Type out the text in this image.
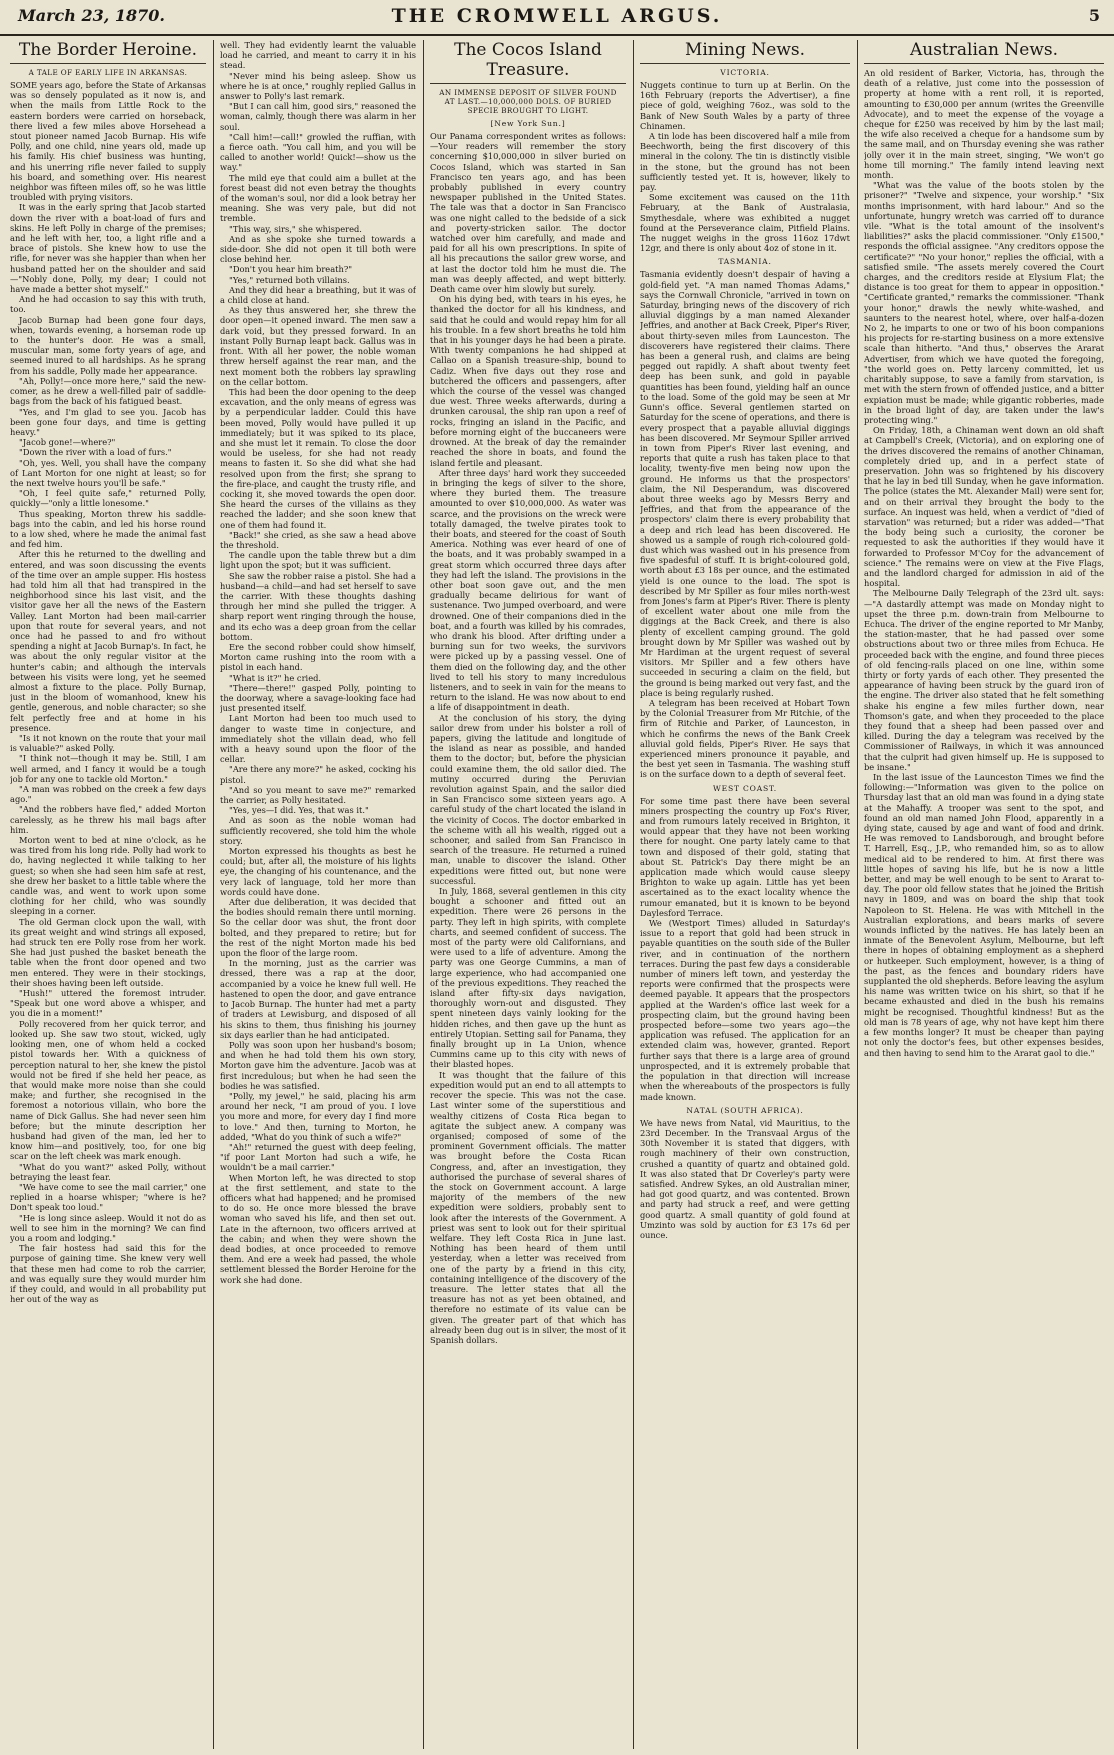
March 23, 1870.	THE CROMWELL ARGUS.	5
The Border Heroine.
A TALE OF EARLY LIFE IN ARKANSAS.

SOME years ago, before the State of Arkansas was so densely populated as it now is, and when the mails from Little Rock to the eastern borders were carried on horseback, there lived a few miles above Horsehead a stout pioneer named Jacob Burnap. His wife Polly, and one child, nine years old, made up his family. His chief business was hunting, and his unerring rifle never failed to supply his board, and something over. His nearest neighbor was fifteen miles off, so he was little troubled with prying visitors.

It was in the early spring that Jacob started down the river with a boat-load of furs and skins. He left Polly in charge of the premises; and he left with her, too, a light rifle and a brace of pistols. She knew how to use the rifle, for never was she happier than when her husband patted her on the shoulder and said—"Nobly done, Polly, my dear; I could not have made a better shot myself."

And he had occasion to say this with truth, too.

Jacob Burnap had been gone four days, when, towards evening, a horseman rode up to the hunter's door. He was a small, muscular man, some forty years of age, and seemed inured to all hardships. As he sprang from his saddle, Polly made her appearance.

"Ah, Polly!—once more here," said the new-comer, as he drew a well-filled pair of saddle-bags from the back of his fatigued beast.

"Yes, and I'm glad to see you. Jacob has been gone four days, and time is getting heavy."

"Jacob gone!—where?"

"Down the river with a load of furs."

"Oh, yes. Well, you shall have the company of Lant Morton for one night at least; so for the next twelve hours you'll be safe."

"Oh, I feel quite safe," returned Polly, quickly—"only a little lonesome."

Thus speaking, Morton threw his saddle-bags into the cabin, and led his horse round to a low shed, where he made the animal fast and fed him.

After this he returned to the dwelling and entered, and was soon discussing the events of the time over an ample supper. His hostess had told him all that had transpired in the neighborhood since his last visit, and the visitor gave her all the news of the Eastern Valley. Lant Morton had been mail-carrier upon that route for several years, and not once had he passed to and fro without spending a night at Jacob Burnap's. In fact, he was about the only regular visitor at the hunter's cabin; and although the intervals between his visits were long, yet he seemed almost a fixture to the place. Polly Burnap, just in the bloom of womanhood, knew his gentle, generous, and noble character; so she felt perfectly free and at home in his presence.

"Is it not known on the route that your mail is valuable?" asked Polly.

"I think not—though it may be. Still, I am well armed, and I fancy it would be a tough job for any one to tackle old Morton."

"A man was robbed on the creek a few days ago."

"And the robbers have fled," added Morton carelessly, as he threw his mail bags after him.

Morton went to bed at nine o'clock, as he was tired from his long ride. Polly had work to do, having neglected it while talking to her guest; so when she had seen him safe at rest, she drew her basket to a little table where the candle was, and went to work upon some clothing for her child, who was soundly sleeping in a corner.

The old German clock upon the wall, with its great weight and wind strings all exposed, had struck ten ere Polly rose from her work. She had just pushed the basket beneath the table when the front door opened and two men entered. They were in their stockings, their shoes having been left outside.

"Hush!" uttered the foremost intruder. "Speak but one word above a whisper, and you die in a moment!"

Polly recovered from her quick terror, and looked up. She saw two stout, wicked, ugly looking men, one of whom held a cocked pistol towards her. With a quickness of perception natural to her, she knew the pistol would not be fired if she held her peace, as that would make more noise than she could make; and further, she recognised in the foremost a notorious villain, who bore the name of Dick Gallus. She had never seen him before; but the minute description her husband had given of the man, led her to know him—and positively, too, for one big scar on the left cheek was mark enough.

"What do you want?" asked Polly, without betraying the least fear.

"We have come to see the mail carrier," one replied in a hoarse whisper; "where is he? Don't speak too loud."

"He is long since asleep. Would it not do as well to see him in the morning? We can find you a room and lodging."

The fair hostess had said this for the purpose of gaining time. She knew very well that these men had come to rob the carrier, and was equally sure they would murder him if they could, and would in all probability put her out of the way as

well. They had evidently learnt the valuable load he carried, and meant to carry it in his stead.

"Never mind his being asleep. Show us where he is at once," roughly replied Gallus in answer to Polly's last remark.

"But I can call him, good sirs," reasoned the woman, calmly, though there was alarm in her soul.

"Call him!—call!" growled the ruffian, with a fierce oath. "You call him, and you will be called to another world! Quick!—show us the way."

The mild eye that could aim a bullet at the forest beast did not even betray the thoughts of the woman's soul, nor did a look betray her meaning. She was very pale, but did not tremble.

"This way, sirs," she whispered.

And as she spoke she turned towards a side-door. She did not open it till both were close behind her.

"Don't you hear him breath?"

"Yes," returned both villains.

And they did hear a breathing, but it was of a child close at hand.

As they thus answered her, she threw the door open—it opened inward. The men saw a dark void, but they pressed forward. In an instant Polly Burnap leapt back. Gallus was in front. With all her power, the noble woman threw herself against the rear man, and the next moment both the robbers lay sprawling on the cellar bottom.

This had been the door opening to the deep excavation, and the only means of egress was by a perpendicular ladder. Could this have been moved, Polly would have pulled it up immediately; but it was spiked to its place, and she must let it remain. To close the door would be useless, for she had not ready means to fasten it. So she did what she had resolved upon from the first; she sprang to the fire-place, and caught the trusty rifle, and cocking it, she moved towards the open door. She heard the curses of the villains as they reached the ladder; and she soon knew that one of them had found it.

"Back!" she cried, as she saw a head above the threshold.

The candle upon the table threw but a dim light upon the spot; but it was sufficient.

She saw the robber raise a pistol. She had a husband—a child—and had set herself to save the carrier. With these thoughts dashing through her mind she pulled the trigger. A sharp report went ringing through the house, and its echo was a deep groan from the cellar bottom.

Ere the second robber could show himself, Morton came rushing into the room with a pistol in each hand.

"What is it?" he cried.

"There—there!" gasped Polly, pointing to the doorway, where a savage-looking face had just presented itself.

Lant Morton had been too much used to danger to waste time in conjecture, and immediately shot the villain dead, who fell with a heavy sound upon the floor of the cellar.

"Are there any more?" he asked, cocking his pistol.

"And so you meant to save me?" remarked the carrier, as Polly hesitated.

"Yes, yes—I did. Yes, that was it."

And as soon as the noble woman had sufficiently recovered, she told him the whole story.

Morton expressed his thoughts as best he could; but, after all, the moisture of his lights eye, the changing of his countenance, and the very lack of language, told her more than words could have done.

After due deliberation, it was decided that the bodies should remain there until morning. So the cellar door was shut, the front door bolted, and they prepared to retire; but for the rest of the night Morton made his bed upon the floor of the large room.

In the morning, just as the carrier was dressed, there was a rap at the door, accompanied by a voice he knew full well. He hastened to open the door, and gave entrance to Jacob Burnap. The hunter had met a party of traders at Lewisburg, and disposed of all his skins to them, thus finishing his journey six days earlier than he had anticipated.

Polly was soon upon her husband's bosom; and when he had told them his own story, Morton gave him the adventure. Jacob was at first incredulous; but when he had seen the bodies he was satisfied.

"Polly, my jewel," he said, placing his arm around her neck, "I am proud of you. I love you more and more, for every day I find more to love." And then, turning to Morton, he added, "What do you think of such a wife?"

"Ah!" returned the guest with deep feeling, "if poor Lant Morton had such a wife, he wouldn't be a mail carrier."

When Morton left, he was directed to stop at the first settlement, and state to the officers what had happened; and he promised to do so. He once more blessed the brave woman who saved his life, and then set out. Late in the afternoon, two officers arrived at the cabin; and when they were shown the dead bodies, at once proceeded to remove them. And ere a week had passed, the whole settlement blessed the Border Heroine for the work she had done.

The Cocos Island Treasure.
AN IMMENSE DEPOSIT OF SILVER FOUND AT LAST.—10,000,000 DOLS. OF BURIED SPECIE BROUGHT TO LIGHT.
[New York Sun.]

Our Panama correspondent writes as follows:—Your readers will remember the story concerning $10,000,000 in silver buried on Cocos Island, which was started in San Francisco ten years ago, and has been probably published in every country newspaper published in the United States. The tale was that a doctor in San Francisco was one night called to the bedside of a sick and poverty-stricken sailor. The doctor watched over him carefully, and made and paid for all his own prescriptions. In spite of all his precautions the sailor grew worse, and at last the doctor told him he must die. The man was deeply affected, and wept bitterly. Death came over him slowly but surely.

On his dying bed, with tears in his eyes, he thanked the doctor for all his kindness, and said that he could and would repay him for all his trouble. In a few short breaths he told him that in his younger days he had been a pirate. With twenty companions he had shipped at Callao on a Spanish treasure-ship, bound to Cadiz. When five days out they rose and butchered the officers and passengers, after which the course of the vessel was changed due west. Three weeks afterwards, during a drunken carousal, the ship ran upon a reef of rocks, fringing an island in the Pacific, and before morning eight of the buccaneers were drowned. At the break of day the remainder reached the shore in boats, and found the island fertile and pleasant.

After three days' hard work they succeeded in bringing the kegs of silver to the shore, where they buried them. The treasure amounted to over $10,000,000. As water was scarce, and the provisions on the wreck were totally damaged, the twelve pirates took to their boats, and steered for the coast of South America. Nothing was ever heard of one of the boats, and it was probably swamped in a great storm which occurred three days after they had left the island. The provisions in the other boat soon gave out, and the men gradually became delirious for want of sustenance. Two jumped overboard, and were drowned. One of their companions died in the boat, and a fourth was killed by his comrades, who drank his blood. After drifting under a burning sun for two weeks, the survivors were picked up by a passing vessel. One of them died on the following day, and the other lived to tell his story to many incredulous listeners, and to seek in vain for the means to return to the island. He was now about to end a life of disappointment in death.

At the conclusion of his story, the dying sailor drew from under his bolster a roll of papers, giving the latitude and longitude of the island as near as possible, and handed them to the doctor; but, before the physician could examine them, the old sailor died. The mutiny occurred during the Peruvian revolution against Spain, and the sailor died in San Francisco some sixteen years ago. A careful study of the chart located the island in the vicinity of Cocos. The doctor embarked in the scheme with all his wealth, rigged out a schooner, and sailed from San Francisco in search of the treasure. He returned a ruined man, unable to discover the island. Other expeditions were fitted out, but none were successful.

In July, 1868, several gentlemen in this city bought a schooner and fitted out an expedition. There were 26 persons in the party. They left in high spirits, with complete charts, and seemed confident of success. The most of the party were old Californians, and were used to a life of adventure. Among the party was one George Cummins, a man of large experience, who had accompanied one of the previous expeditions. They reached the island after fifty-six days navigation, thoroughly worn-out and disgusted. They spent nineteen days vainly looking for the hidden riches, and then gave up the hunt as entirely Utopian. Setting sail for Panama, they finally brought up in La Union, whence Cummins came up to this city with news of their blasted hopes.

It was thought that the failure of this expedition would put an end to all attempts to recover the specie. This was not the case. Last winter some of the superstitious and wealthy citizens of Costa Rica began to agitate the subject anew. A company was organised; composed of some of the prominent Government officials. The matter was brought before the Costa Rican Congress, and, after an investigation, they authorised the purchase of several shares of the stock on Government account. A large majority of the members of the new expedition were soldiers, probably sent to look after the interests of the Government. A priest was sent to look out for their spiritual welfare. They left Costa Rica in June last. Nothing has been heard of them until yesterday, when a letter was received from one of the party by a friend in this city, containing intelligence of the discovery of the treasure. The letter states that all the treasure has not as yet been obtained, and therefore no estimate of its value can be given. The greater part of that which has already been dug out is in silver, the most of it Spanish dollars.

Mining News.
VICTORIA.

Nuggets continue to turn up at Berlin. On the 16th February (reports the Advertiser), a fine piece of gold, weighing 76oz., was sold to the Bank of New South Wales by a party of three Chinamen.

A tin lode has been discovered half a mile from Beechworth, being the first discovery of this mineral in the colony. The tin is distinctly visible in the stone, but the ground has not been sufficiently tested yet. It is, however, likely to pay.

Some excitement was caused on the 11th February, at the Bank of Australasia, Smythesdale, where was exhibited a nugget found at the Perseverance claim, Pitfield Plains. The nugget weighs in the gross 116oz 17dwt 12gr, and there is only about 4oz of stone in it.

TASMANIA.

Tasmania evidently doesn't despair of having a gold-field yet. "A man named Thomas Adams," says the Cornwall Chronicle, "arrived in town on Saturday, bringing news of the discovery of rich alluvial diggings by a man named Alexander Jeffries, and another at Back Creek, Piper's River, about thirty-seven miles from Launceston. The discoverers have registered their claims. There has been a general rush, and claims are being pegged out rapidly. A shaft about twenty feet deep has been sunk, and gold in payable quantities has been found, yielding half an ounce to the load. Some of the gold may be seen at Mr Gunn's office. Several gentlemen started on Saturday for the scene of operations, and there is every prospect that a payable alluvial diggings has been discovered. Mr Seymour Spiller arrived in town from Piper's River last evening, and reports that quite a rush has taken place to that locality, twenty-five men being now upon the ground. He informs us that the prospectors' claim, the Nil Desperandum, was discovered about three weeks ago by Messrs Berry and Jeffries, and that from the appearance of the prospectors' claim there is every probability that a deep and rich lead has been discovered. He showed us a sample of rough rich-coloured gold-dust which was washed out in his presence from five spadesful of stuff. It is bright-coloured gold, worth about £3 18s per ounce, and the estimated yield is one ounce to the load. The spot is described by Mr Spiller as four miles north-west from Jones's farm at Piper's River. There is plenty of excellent water about one mile from the diggings at the Back Creek, and there is also plenty of excellent camping ground. The gold brought down by Mr Spiller was washed out by Mr Hardiman at the urgent request of several visitors. Mr Spiller and a few others have succeeded in securing a claim on the field, but the ground is being marked out very fast, and the place is being regularly rushed.

A telegram has been received at Hobart Town by the Colonial Treasurer from Mr Ritchie, of the firm of Ritchie and Parker, of Launceston, in which he confirms the news of the Bank Creek alluvial gold fields, Piper's River. He says that experienced miners pronounce it payable, and the best yet seen in Tasmania. The washing stuff is on the surface down to a depth of several feet.

WEST COAST.

For some time past there have been several miners prospecting the country up Fox's River, and from rumours lately received in Brighton, it would appear that they have not been working there for nought. One party lately came to that town and disposed of their gold, stating that about St. Patrick's Day there might be an application made which would cause sleepy Brighton to wake up again. Little has yet been ascertained as to the exact locality whence the rumour emanated, but it is known to be beyond Daylesford Terrace.

We (Westport Times) alluded in Saturday's issue to a report that gold had been struck in payable quantities on the south side of the Buller river, and in continuation of the northern terraces. During the past few days a considerable number of miners left town, and yesterday the reports were confirmed that the prospects were deemed payable. It appears that the prospectors applied at the Warden's office last week for a prospecting claim, but the ground having been prospected before—some two years ago—the application was refused. The application for an extended claim was, however, granted. Report further says that there is a large area of ground unprospected, and it is extremely probable that the population in that direction will increase when the whereabouts of the prospectors is fully made known.

NATAL (SOUTH AFRICA).

We have news from Natal, vid Mauritius, to the 23rd December. In the Transvaal Argus of the 30th November it is stated that diggers, with rough machinery of their own construction, crushed a quantity of quartz and obtained gold. It was also stated that Dr Coverley's party were satisfied. Andrew Sykes, an old Australian miner, had got good quartz, and was contented. Brown and party had struck a reef, and were getting good quartz. A small quantity of gold found at Umzinto was sold by auction for £3 17s 6d per ounce.

Australian News.

An old resident of Barker, Victoria, has, through the death of a relative, just come into the possession of property at home with a rent roll, it is reported, amounting to £30,000 per annum (writes the Greenville Advocate), and to meet the expense of the voyage a cheque for £250 was received by him by the last mail; the wife also received a cheque for a handsome sum by the same mail, and on Thursday evening she was rather jolly over it in the main street, singing, "We won't go home till morning." The family intend leaving next month.

"What was the value of the boots stolen by the prisoner?" "Twelve and sixpence, your worship." "Six months imprisonment, with hard labour." And so the unfortunate, hungry wretch was carried off to durance vile. "What is the total amount of the insolvent's liabilities?" asks the placid commissioner. "Only £1500," responds the official assignee. "Any creditors oppose the certificate?" "No your honor," replies the official, with a satisfied smile. "The assets merely covered the Court charges, and the creditors reside at Elysium Flat; the distance is too great for them to appear in opposition." "Certificate granted," remarks the commissioner. "Thank your honor," drawls the newly white-washed, and saunters to the nearest hotel, where, over half-a-dozen No 2, he imparts to one or two of his boon companions his projects for re-starting business on a more extensive scale than hitherto. "And thus," observes the Ararat Advertiser, from which we have quoted the foregoing, "the world goes on. Petty larceny committed, let us charitably suppose, to save a family from starvation, is met with the stern frown of offended justice, and a bitter expiation must be made; while gigantic robberies, made in the broad light of day, are taken under the law's protecting wing."

On Friday, 18th, a Chinaman went down an old shaft at Campbell's Creek, (Victoria), and on exploring one of the drives discovered the remains of another Chinaman, completely dried up, and in a perfect state of preservation. John was so frightened by his discovery that he lay in bed till Sunday, when he gave information. The police (states the Mt. Alexander Mail) were sent for, and on their arrival they brought the body to the surface. An inquest was held, when a verdict of "died of starvation" was returned; but a rider was added—"That the body being such a curiosity, the coroner be requested to ask the authorities if they would have it forwarded to Professor M'Coy for the advancement of science." The remains were on view at the Five Flags, and the landlord charged for admission in aid of the hospital.

The Melbourne Daily Telegraph of the 23rd ult. says:—"A dastardly attempt was made on Monday night to upset the three p.m. down-train from Melbourne to Echuca. The driver of the engine reported to Mr Manby, the station-master, that he had passed over some obstructions about two or three miles from Echuca. He proceeded back with the engine, and found three pieces of old fencing-rails placed on one line, within some thirty or forty yards of each other. They presented the appearance of having been struck by the guard iron of the engine. The driver also stated that he felt something shake his engine a few miles further down, near Thomson's gate, and when they proceeded to the place they found that a sheep had been passed over and killed. During the day a telegram was received by the Commissioner of Railways, in which it was announced that the culprit had given himself up. He is supposed to be insane."

In the last issue of the Launceston Times we find the following:—"Information was given to the police on Thursday last that an old man was found in a dying state at the Mahaffy. A trooper was sent to the spot, and found an old man named John Flood, apparently in a dying state, caused by age and want of food and drink. He was removed to Landsborough, and brought before T. Harrell, Esq., J.P., who remanded him, so as to allow medical aid to be rendered to him. At first there was little hopes of saving his life, but he is now a little better, and may be well enough to be sent to Ararat to-day. The poor old fellow states that he joined the British navy in 1809, and was on board the ship that took Napoleon to St. Helena. He was with Mitchell in the Australian explorations, and bears marks of severe wounds inflicted by the natives. He has lately been an inmate of the Benevolent Asylum, Melbourne, but left there in hopes of obtaining employment as a shepherd or hutkeeper. Such employment, however, is a thing of the past, as the fences and boundary riders have supplanted the old shepherds. Before leaving the asylum his name was written twice on his shirt, so that if he became exhausted and died in the bush his remains might be recognised. Thoughtful kindness! But as the old man is 78 years of age, why not have kept him there a few months longer? It must be cheaper than paying not only the doctor's fees, but other expenses besides, and then having to send him to the Ararat gaol to die."
